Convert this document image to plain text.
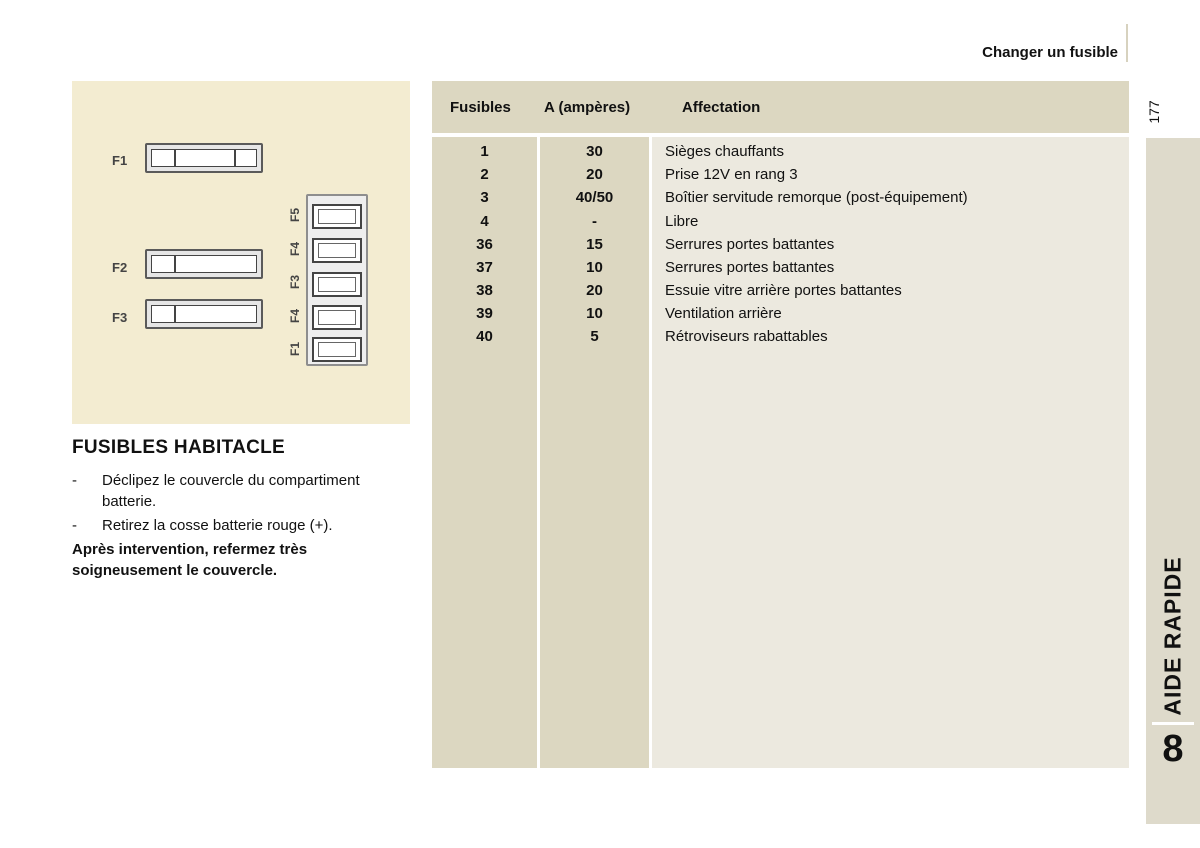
Changer un fusible
177
AIDE RAPIDE
8
F1
F2
F3
F5
F4
F3
F4
F1
FUSIBLES HABITACLE
- Déclipez le couvercle du compartiment batterie.
- Retirez la cosse batterie rouge (+).
Après intervention, refermez très soigneusement le couvercle.
Fusibles A (ampères)	Affectation
1	30	Sièges chauffants
2	20	Prise 12V en rang 3
3	40/50	Boîtier servitude remorque (post-équipement)
4	-	Libre
36	15	Serrures portes battantes
37	10	Serrures portes battantes
38	20	Essuie vitre arrière portes battantes
39	10	Ventilation arrière
40	5	Rétroviseurs rabattables
